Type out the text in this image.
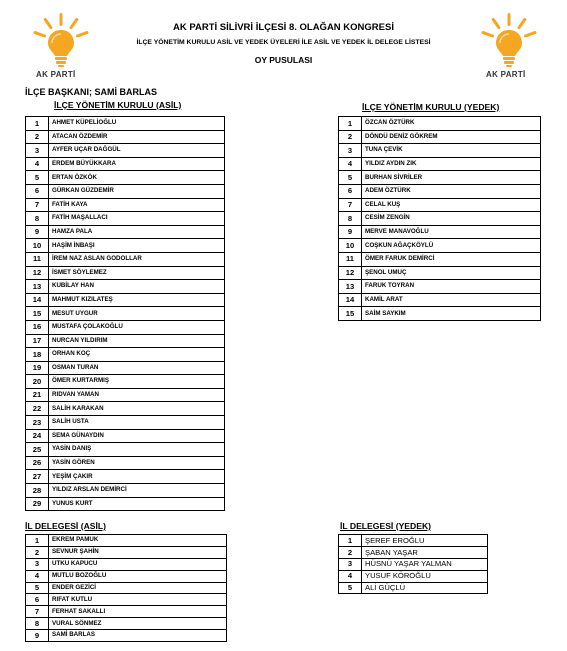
AK PARTİ	AK PARTİ
AK PARTİ SİLİVRİ İLÇESİ 8. OLAĞAN KONGRESİ
İLÇE YÖNETİM KURULU ASİL VE YEDEK ÜYELERİ İLE ASİL VE YEDEK İL DELEGE LİSTESİ
OY PUSULASI
İLÇE BAŞKANI; SAMİ BARLAS
İLÇE YÖNETİM KURULU (ASİL)	İLÇE YÖNETİM KURULU (YEDEK)
İL DELEGESİ (ASİL)	İL DELEGESİ (YEDEK)
1	AHMET KÜPELİOĞLU
2	ATACAN ÖZDEMİR
3	AYFER UÇAR DAĞGÜL
4	ERDEM BÜYÜKKARA
5	ERTAN ÖZKÖK
6	GÜRKAN GÜZDEMİR
7	FATİH KAYA
8	FATİH MAŞALLACI
9	HAMZA PALA
10	HAŞİM İNBAŞI
11	İREM NAZ ASLAN GODOLLAR
12	İSMET SÖYLEMEZ
13	KUBİLAY HAN
14	MAHMUT KIZILATEŞ
15	MESUT UYGUR
16	MUSTAFA ÇOLAKOĞLU
17	NURCAN YILDIRIM
18	ORHAN KOÇ
19	OSMAN TURAN
20	ÖMER KURTARMIŞ
21	RIDVAN YAMAN
22	SALİH KARAKAN
23	SALİH USTA
24	SEMA GÜNAYDIN
25	YASİN DANIŞ
26	YASİN GÖREN
27	YEŞİM ÇAKIR
28	YILDIZ ARSLAN DEMİRCİ
29	YUNUS KURT
1	ÖZCAN ÖZTÜRK
2	DÖNDÜ DENİZ GÖKREM
3	TUNA ÇEVİK
4	YILDIZ AYDIN ZIK
5	BURHAN SİVRİLER
6	ADEM ÖZTÜRK
7	CELAL KUŞ
8	CESİM ZENGİN
9	MERVE MANAVOĞLU
10	COŞKUN AĞAÇKÖYLÜ
11	ÖMER FARUK DEMİRCİ
12	ŞENOL UMUÇ
13	FARUK TOYRAN
14	KAMİL ARAT
15	SAİM SAYKIM
1	EKREM PAMUK
2	SEVNUR ŞAHİN
3	UTKU KAPUCU
4	MUTLU BOZOĞLU
5	ENDER GEZİCİ
6	RIFAT KUTLU
7	FERHAT SAKALLI
8	VURAL SÖNMEZ
9	SAMİ BARLAS
1	ŞEREF EROĞLU
2	ŞABAN YAŞAR
3	HÜSNÜ YAŞAR YALMAN
4	YUSUF KÖROĞLU
5	ALİ GÜÇLÜ
